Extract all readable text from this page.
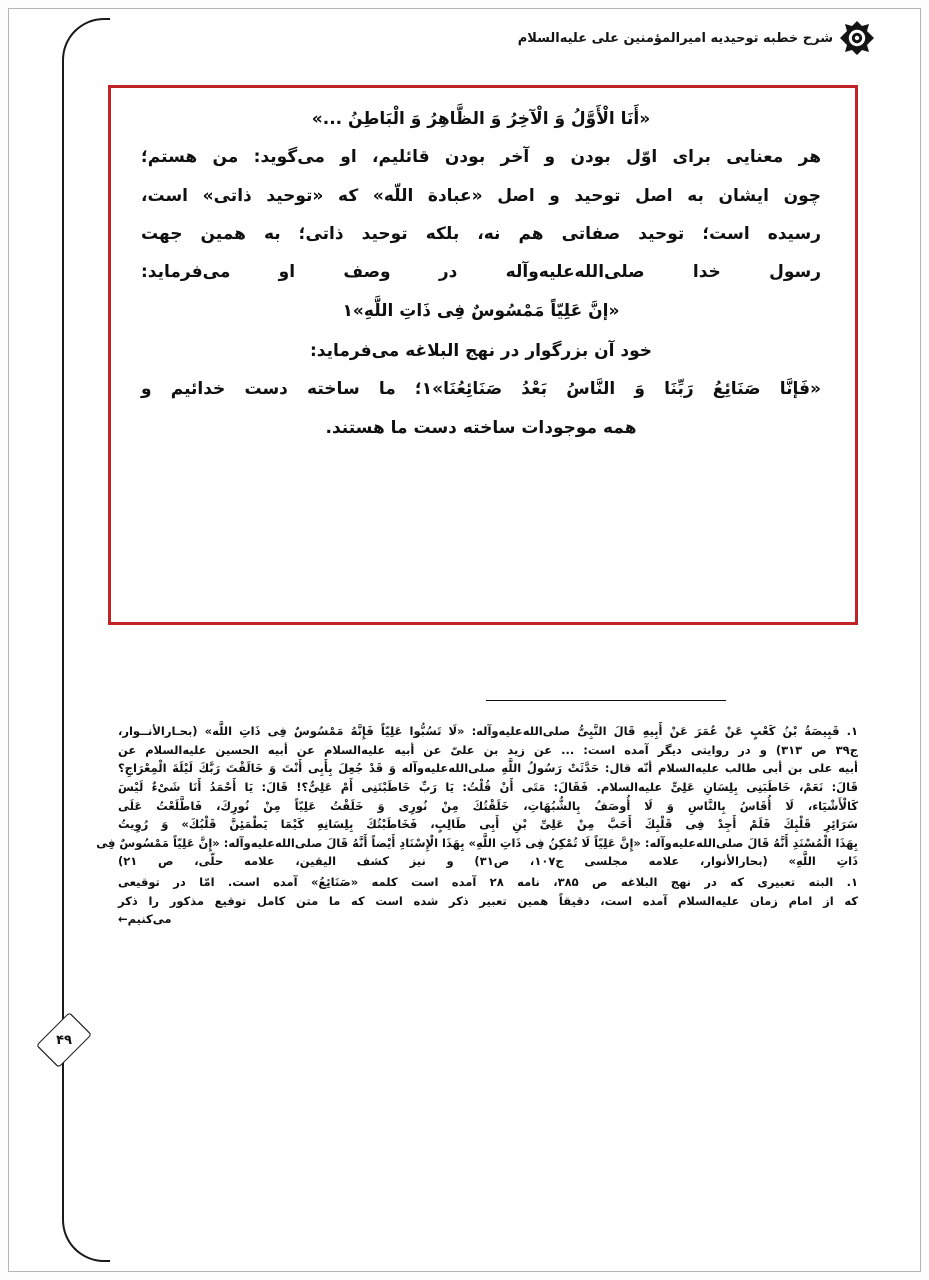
شرح خطبه توحيديه اميرالمؤمنين على عليه‌السلام
۴۹

«أَنَا الْأَوَّلُ وَ الْآخِرُ وَ الظَّاهِرُ وَ الْبَاطِنُ ...»

هر معنایی برای اوّل بودن و آخر بودن قائلیم، او می‌گوید: من هستم؛

چون ایشان به اصل توحید و اصل «عبادة اللّه» که «توحید ذاتی» است،

رسیده است؛ توحید صفاتی هم نه، بلکه توحید ذاتی؛ به همین جهت

رسول خدا صلی‌الله‌علیه‌وآله در وصف او می‌فرماید:

«إنَّ عَلِيّاً مَمْسُوسٌ فِی ذَاتِ اللَّهِ»۱

خود آن بزرگوار در نهج البلاغه می‌فرماید:

«فَإنَّا صَنَائِعُ رَبِّنَا وَ النَّاسُ بَعْدُ صَنَائِعُنَا»۱؛ ما ساخته دست خدائیم و

همه موجودات ساخته دست ما هستند.

۱. قَبِيصَةُ بْنُ كَعْبٍ عَنْ عُمَرَ عَنْ أَبِيهِ قَالَ النَّبِیُّ صلی‌الله‌علیه‌وآله: «لَا تَسُبُّوا عَلِيّاً فَإِنَّهُ مَمْسُوسٌ فِی ذَاتِ اللَّه» (بحـارالأنــوار،

ج۳۹ ص ۳۱۳) و در روایتی دیگر آمده است: ... عن زید بن علیّ عن أبیه علیه‌السلام عن أبیه الحسین علیه‌السلام عن

أبیه علی بن أبی طالب علیه‌السلام أنّه قال: حَدَّثَتْ رَسُولُ اللَّهِ صلی‌الله‌علیه‌وآله وَ قَدْ جُعِلَ بِأَبِی أَنْتَ وَ خَالَقْتَ رَبَّكَ لَيْلَةَ الْمِعْرَاجِ؟

قَالَ: نَعَمْ، خَاطَبَنِی بِلِسَانِ عَلِیٍّ علیه‌السلام. فَقَالَ: مَتَى أَنْ قُلْتُ: يَا رَبِّ خَاطَبْتَنِی أَمْ عَلِیٌّ؟! قَالَ: يَا أَحْمَدُ أَنَا شَیْءٌ لَيْسَ

كَالْأَشْيَاء، لَا أُقَاسُ بِالنَّاسِ وَ لَا أُوصَفُ بِالشُّبُهَاتِ، خَلَقْتُكَ مِنْ نُورِی وَ خَلَقْتُ عَلِيّاً مِنْ نُورِكَ، فَاطَّلَعْتُ عَلَى

سَرَائِرِ قَلْبِكَ فَلَمْ أَجِدْ فِی قَلْبِكَ أَحَبَّ مِنْ عَلِیِّ بْنِ أَبِی طَالِبٍ، فَخَاطَبْتُكَ بِلِسَانِهِ كَيْمَا يَطْمَئِنَّ قَلْبُكَ» وَ رُوِيتُ

بِهَذَا الْمُسْنَدِ أَنَّهُ قَالَ صلی‌الله‌علیه‌وآله: «إِنَّ عَلِيّاً لَا تُمْكِنُ فِی ذَاتِ اللَّهِ» بِهَذَا الْإِسْنَادِ أَيْضاً أَنَّهُ قَالَ صلی‌الله‌علیه‌وآله: «إِنَّ عَلِيّاً مَمْسُوسٌ فِی

ذَاتِ اللَّهِ» (بحارالأنوار، علامه مجلسی ج۱۰۷، ص۳۱) و نیز کشف اليقين، علامه حلّی، ص ۲۱)

۱. البته تعبیری که در نهج البلاغه ص ۳۸۵، نامه ۲۸ آمده است کلمه «صَنَائِعُ» آمده است. امّا در توقیعی

که از امام زمان علیه‌السلام آمده است، دقیقاً همین تعبیر ذکر شده است که ما متن کامل توقیع مذکور را ذکر

می‌کنیم←
